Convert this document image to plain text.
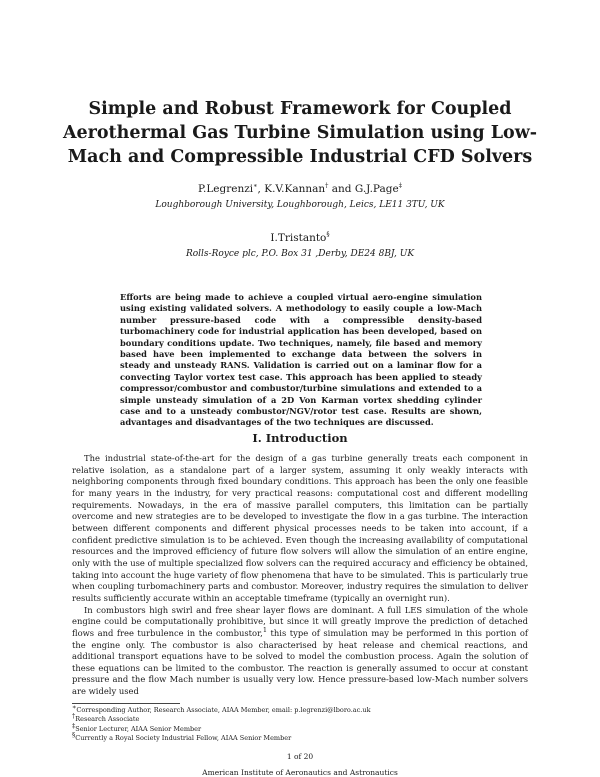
Simple and Robust Framework for Coupled Aerothermal Gas Turbine Simulation using Low-Mach and Compressible Industrial CFD Solvers
P.Legrenzi∗, K.V.Kannan† and G.J.Page‡
Loughborough University, Loughborough, Leics, LE11 3TU, UK
I.Tristanto§
Rolls-Royce plc, P.O. Box 31 ,Derby, DE24 8BJ, UK
Efforts are being made to achieve a coupled virtual aero-engine simulation using existing validated solvers. A methodology to easily couple a low-Mach number pressure-based code with a compressible density-based turbomachinery code for industrial application has been developed, based on boundary conditions update. Two techniques, namely, file based and memory based have been implemented to exchange data between the solvers in steady and unsteady RANS. Validation is carried out on a laminar flow for a convecting Taylor vortex test case. This approach has been applied to steady compressor/combustor and combustor/turbine simulations and extended to a simple unsteady simulation of a 2D Von Karman vortex shedding cylinder case and to a unsteady combustor/NGV/rotor test case. Results are shown, advantages and disadvantages of the two techniques are discussed.
I. Introduction

The industrial state-of-the-art for the design of a gas turbine generally treats each component in relative isolation, as a standalone part of a larger system, assuming it only weakly interacts with neighboring components through fixed boundary conditions. This approach has been the only one feasible for many years in the industry, for very practical reasons: computational cost and different modelling requirements. Nowadays, in the era of massive parallel computers, this limitation can be partially overcome and new strategies are to be developed to investigate the flow in a gas turbine. The interaction between different components and different physical processes needs to be taken into account, if a confident predictive simulation is to be achieved. Even though the increasing availability of computational resources and the improved efficiency of future flow solvers will allow the simulation of an entire engine, only with the use of multiple specialized flow solvers can the required accuracy and efficiency be obtained, taking into account the huge variety of flow phenomena that have to be simulated. This is particularly true when coupling turbomachinery parts and combustor. Moreover, industry requires the simulation to deliver results sufficiently accurate within an acceptable timeframe (typically an overnight run).

In combustors high swirl and free shear layer flows are dominant. A full LES simulation of the whole engine could be computationally prohibitive, but since it will greatly improve the prediction of detached flows and free turbulence in the combustor,$^1$ this type of simulation may be performed in this portion of the engine only. The combustor is also characterised by heat release and chemical reactions, and additional transport equations have to be solved to model the combustion process. Again the solution of these equations can be limited to the combustor. The reaction is generally assumed to occur at constant pressure and the flow Mach number is usually very low. Hence pressure-based low-Mach number solvers are widely used

∗Corresponding Author, Research Associate, AIAA Member, email: p.legrenzi@lboro.ac.uk
†Research Associate
‡Senior Lecturer, AIAA Senior Member
§Currently a Royal Society Industrial Fellow, AIAA Senior Member
1 of 20
American Institute of Aeronautics and Astronautics
